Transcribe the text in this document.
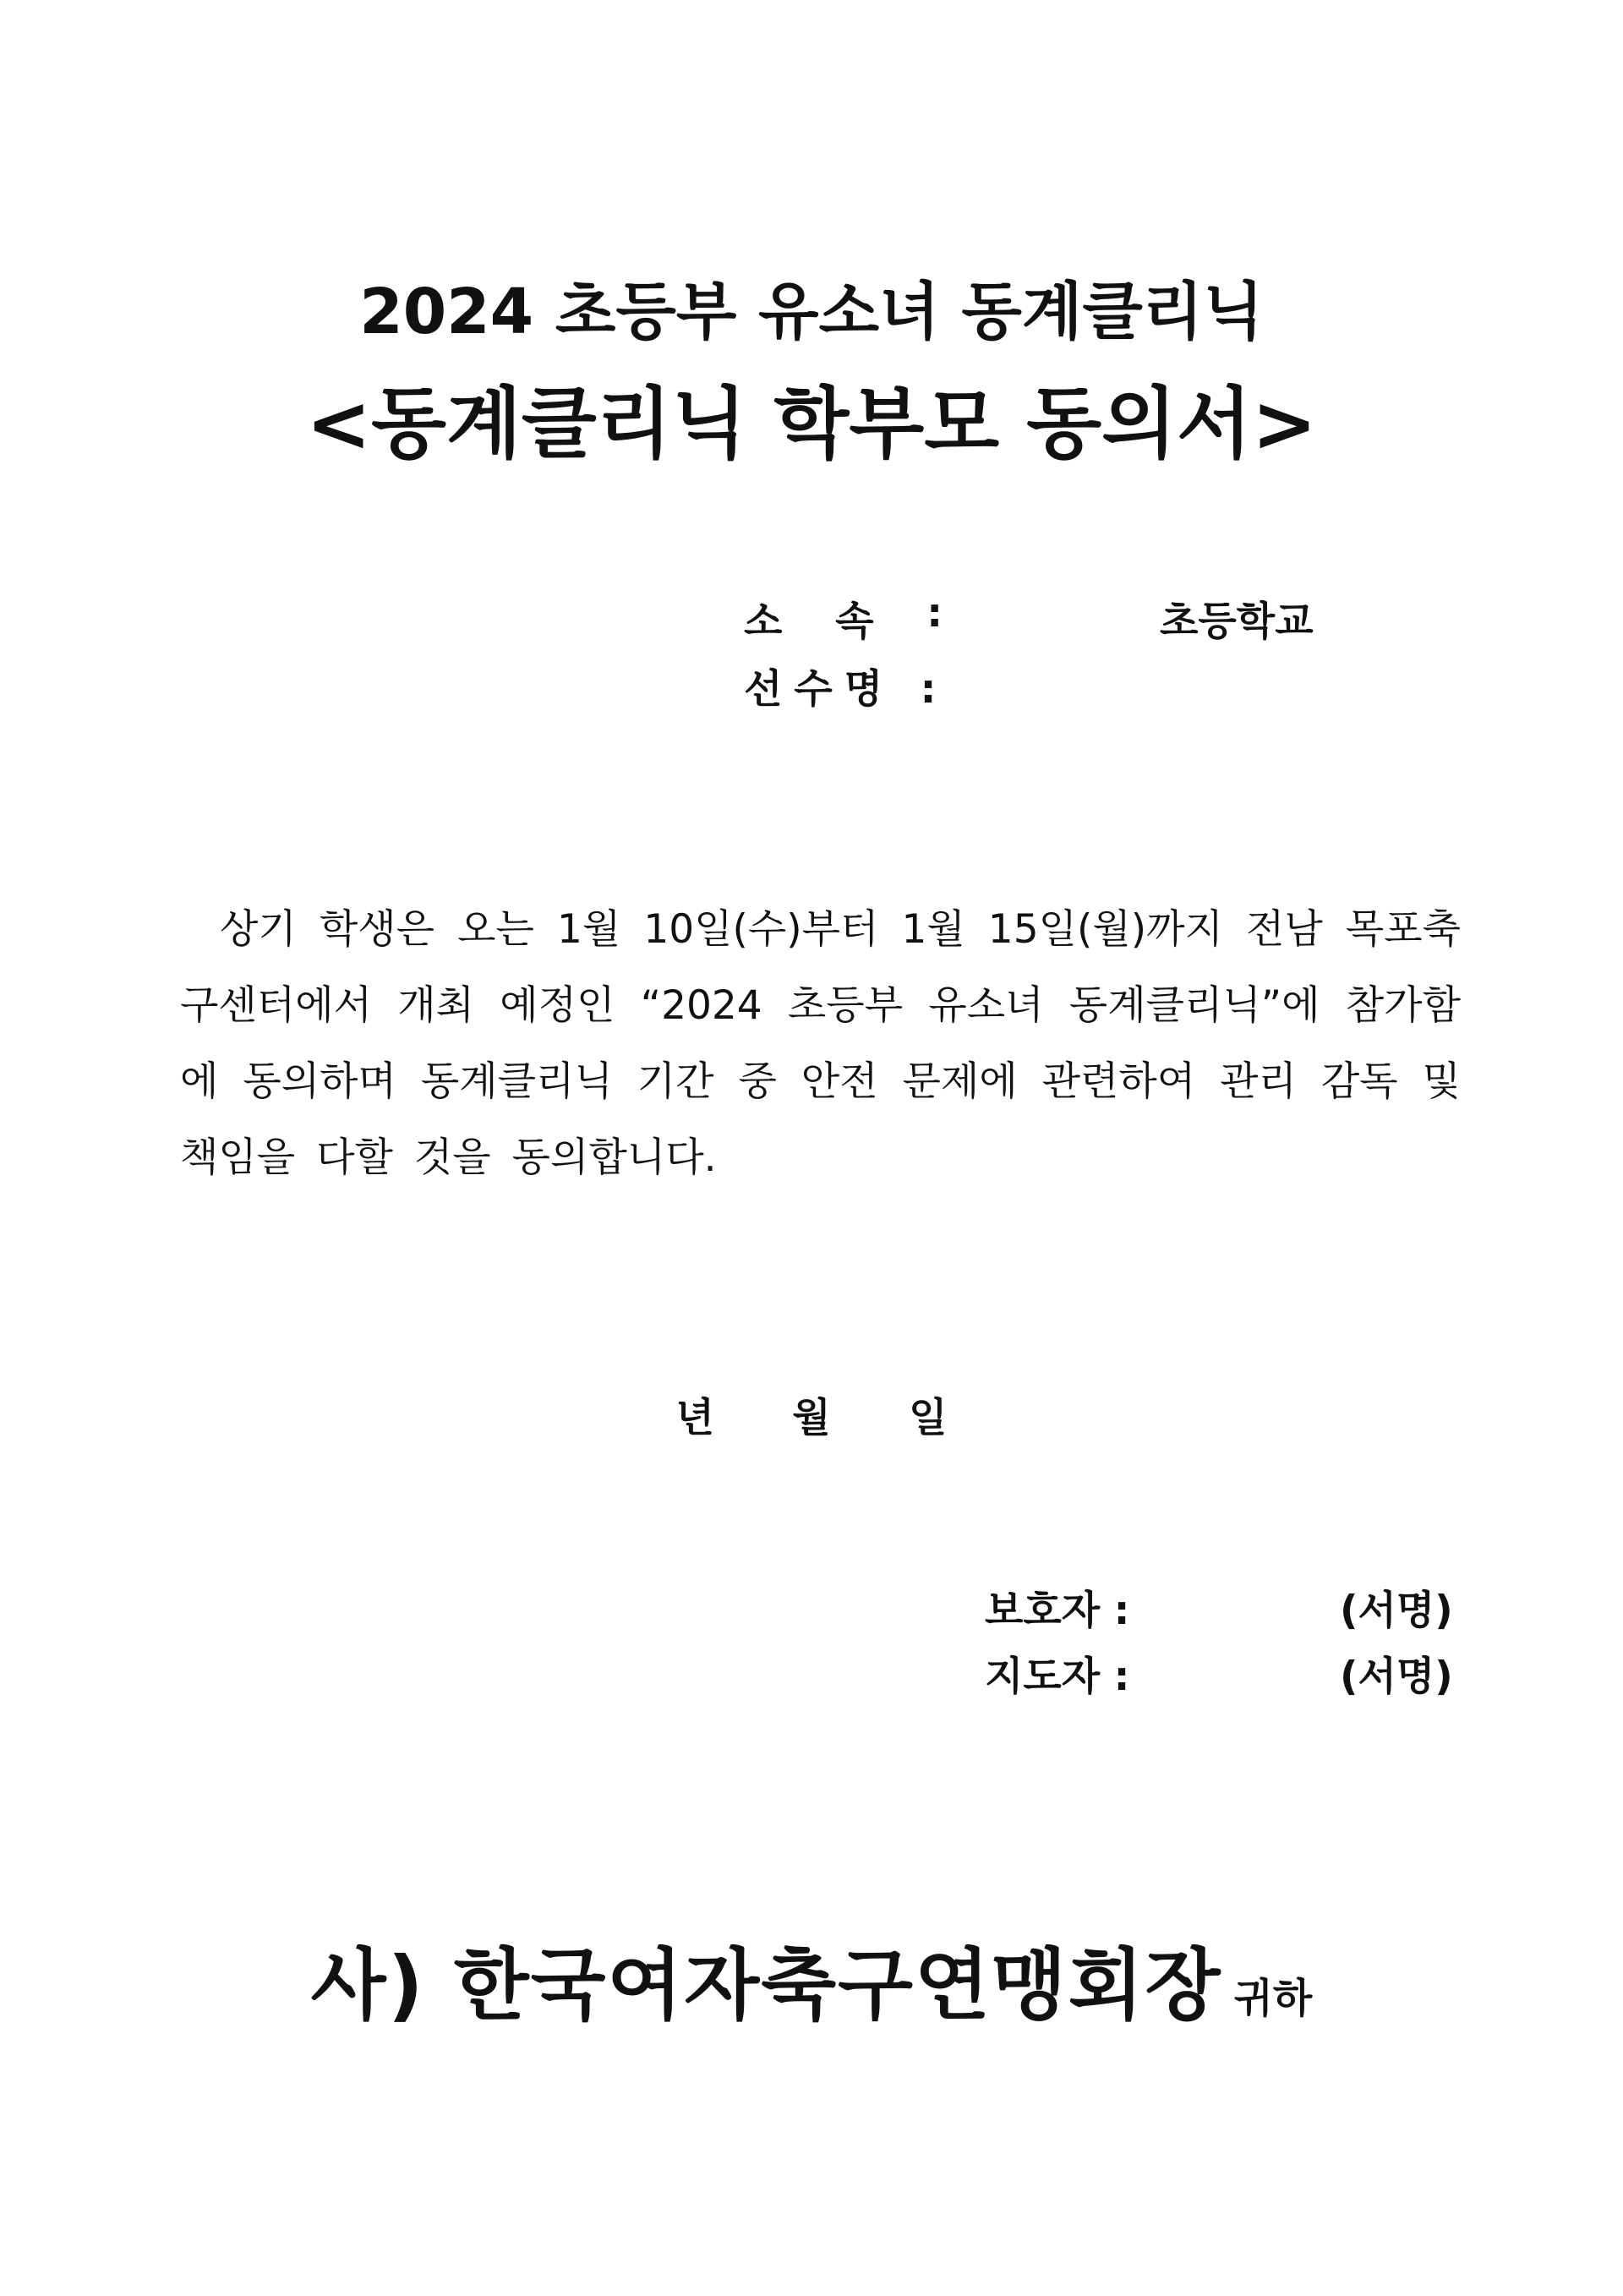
2024 초등부 유소녀 동계클리닉
<동계클리닉 학부모 동의서>
소 속 :	초등학교
선수명 :
상기 학생은 오는 1월 10일(수)부터 1월 15일(월)까지 전남 목포축구센터에서 개최 예정인 “2024 초등부 유소녀 동계클리닉”에 참가함에 동의하며 동계클리닉 기간 중 안전 문제에 관련하여 관리 감독 및 책임을 다할 것을 동의합니다.
년 월 일
보호자 :	(서명)
지도자 :	(서명)
사) 한국여자축구연맹회장 귀하
